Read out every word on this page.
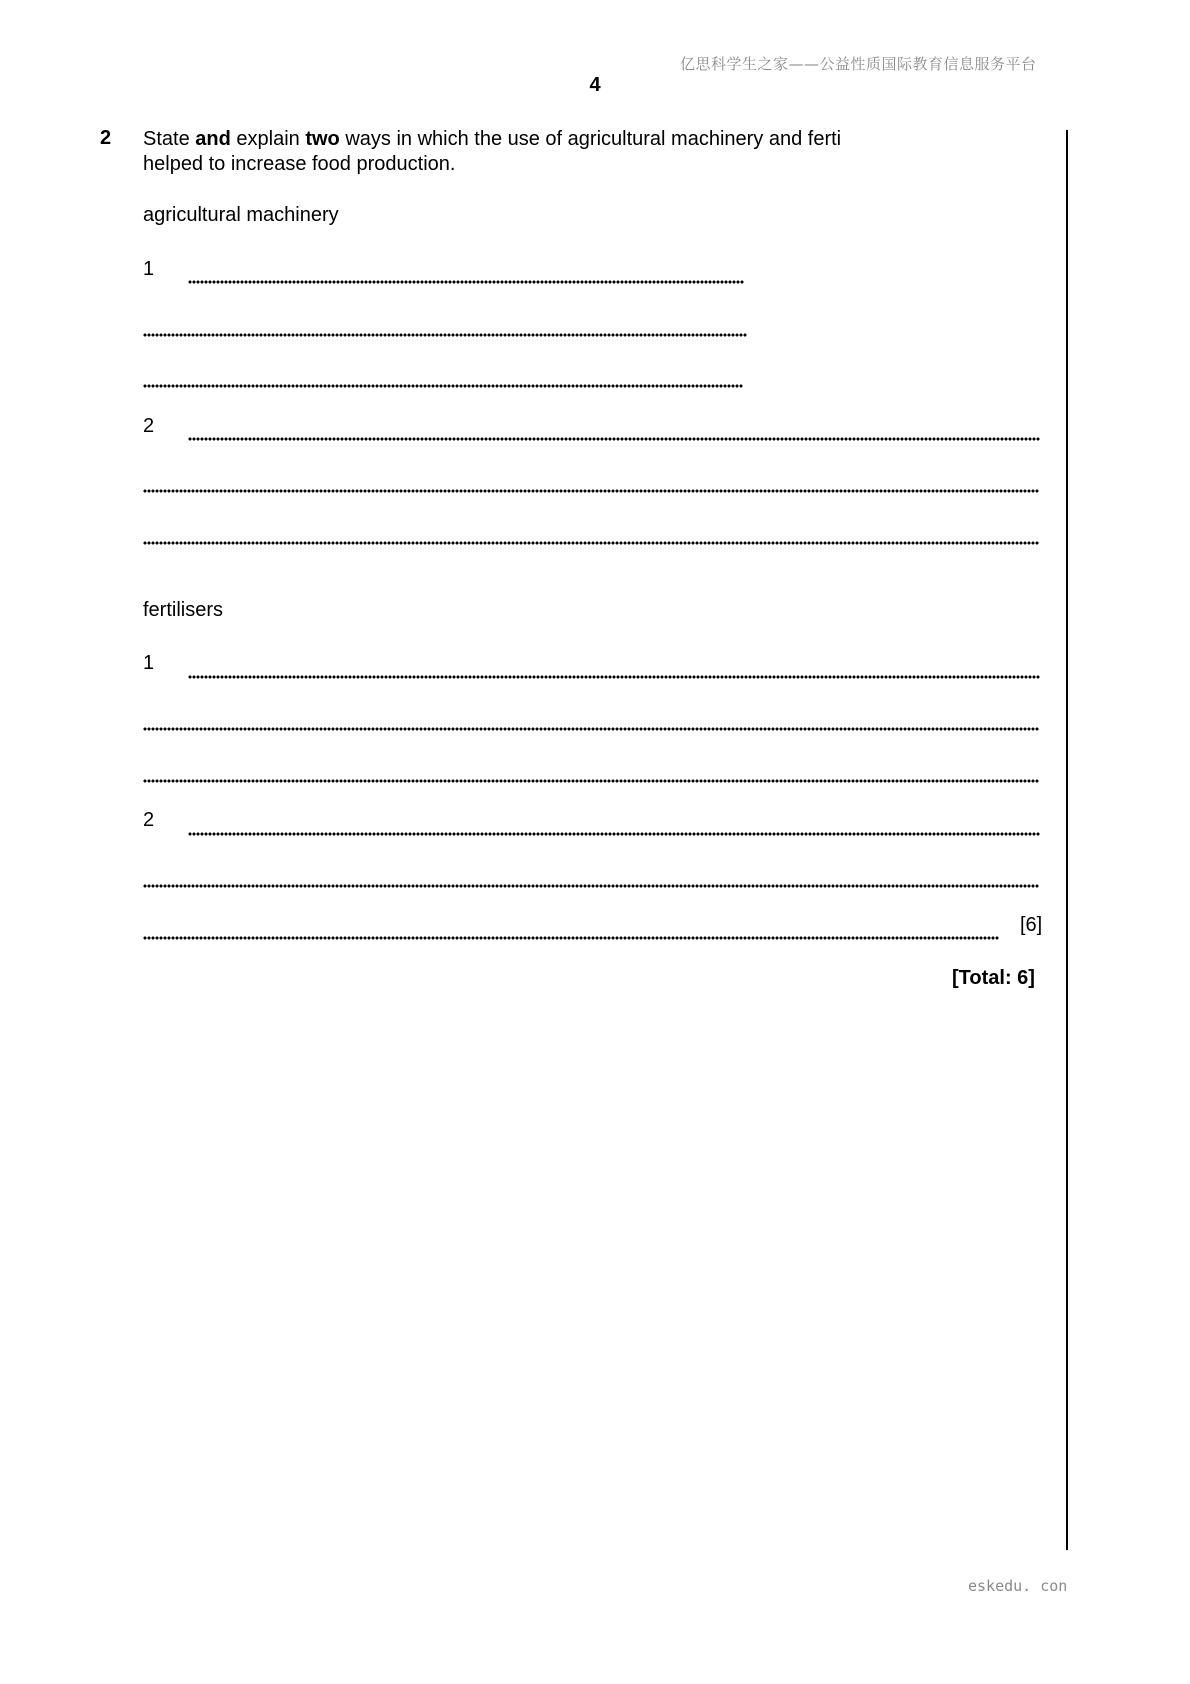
亿思科学生之家——公益性质国际教育信息服务平台
4
2 State and explain two ways in which the use of agricultural machinery and ferti
helped to increase food production.
agricultural machinery
1
2
fertilisers
1
2
[6]
[Total: 6]
eskedu. con
